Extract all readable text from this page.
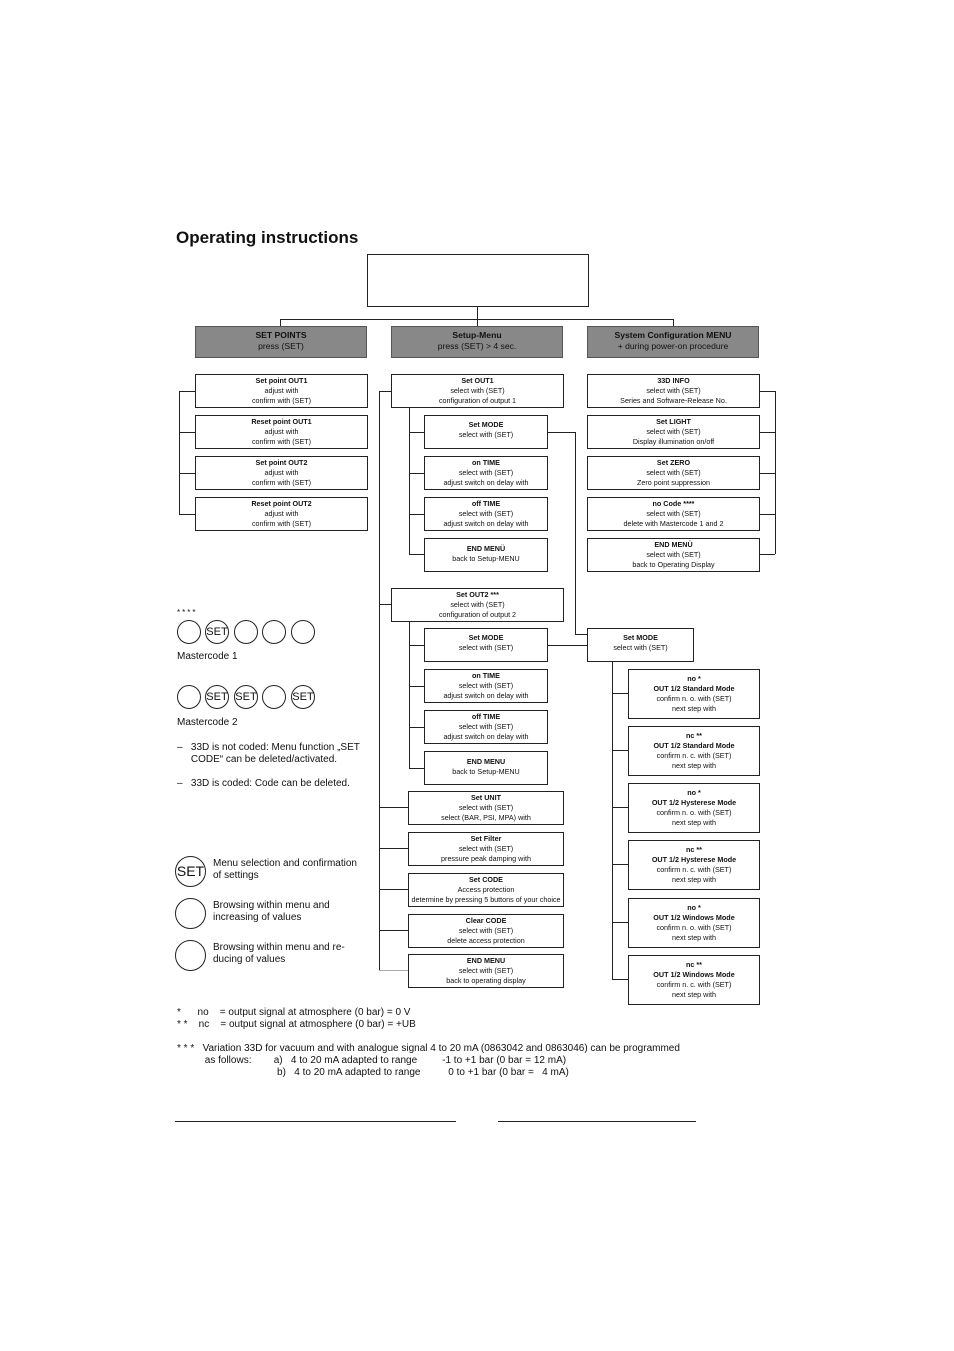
Operating instructions
SET POINTS
press (SET)
Setup-Menu
press (SET) > 4 sec.
System Configuration MENU
+ during power-on procedure
Set point OUT1
adjust with
confirm with (SET)
Reset point OUT1
adjust with
confirm with (SET)
Set point OUT2
adjust with
confirm with (SET)
Reset point OUT2
adjust with
confirm with (SET)
Set OUT1
select with (SET)
configuration of output 1
Set MODE
select with (SET)
on TIME
select with (SET)
adjust switch on delay with
off TIME
select with (SET)
adjust switch on delay with
END MENÜ
back to Setup-MENU
Set OUT2 ***
select with (SET)
configuration of output 2
Set MODE
select with (SET)
on TIME
select with (SET)
adjust switch on delay with
off TIME
select with (SET)
adjust switch on delay with
END MENU
back to Setup-MENU
Set UNIT
select with (SET)
select (BAR, PSI, MPA) with
Set Filter
select with (SET)
pressure peak damping with
Set CODE
Access protection
determine by pressing 5 buttons of your choice
Clear CODE
select with (SET)
delete access protection
END MENU
select with (SET)
back to operating display
33D INFO
select with (SET)
Series and Software-Release No.
Set LIGHT
select with (SET)
Display illumination on/off
Set ZERO
select with (SET)
Zero point suppression
no Code ****
select with (SET)
delete with Mastercode 1 and 2
END MENÜ
select with (SET)
back to Operating Display
Set MODE
select with (SET)
no *
OUT 1/2 Standard Mode
confirm n. o. with (SET)
next step with
nc **
OUT 1/2 Standard Mode
confirm n. c. with (SET)
next step with
no *
OUT 1/2 Hysterese Mode
confirm n. o. with (SET)
next step with
nc **
OUT 1/2 Hysterese Mode
confirm n. c. with (SET)
next step with
no *
OUT 1/2 Windows Mode
confirm n. o. with (SET)
next step with
nc **
OUT 1/2 Windows Mode
confirm n. c. with (SET)
next step with
****
SET
Mastercode 1
SET SET	SET
Mastercode 2
–   33D is not coded: Menu function „SET
CODE“ can be deleted/activated.
–   33D is coded: Code can be deleted.
SET Menu selection and confirmation
of settings
Browsing within menu and
increasing of values
Browsing within menu and re-
ducing of values
*      no    = output signal at atmosphere (0 bar) = 0 V
* *    nc    = output signal at atmosphere (0 bar) = +UB
* * *   Variation 33D for vacuum and with analogue signal 4 to 20 mA (0863042 and 0863046) can be programmed
as follows:        a)   4 to 20 mA adapted to range         -1 to +1 bar (0 bar = 12 mA)
b)   4 to 20 mA adapted to range          0 to +1 bar (0 bar =   4 mA)
